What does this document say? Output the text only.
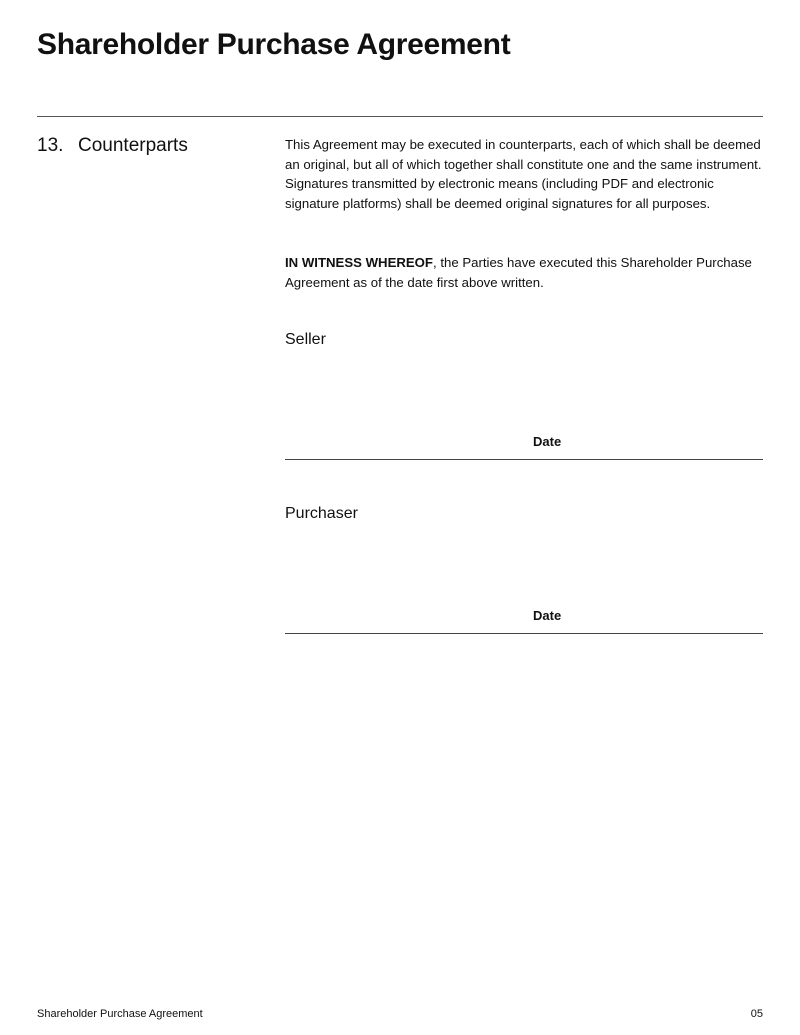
Shareholder Purchase Agreement
13. Counterparts	This Agreement may be executed in counterparts, each of which shall be deemed an original, but all of which together shall constitute one and the same instrument. Signatures transmitted by electronic means (including PDF and electronic signature platforms) shall be deemed original signatures for all purposes.

IN WITNESS WHEREOF, the Parties have executed this Shareholder Purchase Agreement as of the date first above written.

Seller
Date
Purchaser
Date
Shareholder Purchase Agreement	05
